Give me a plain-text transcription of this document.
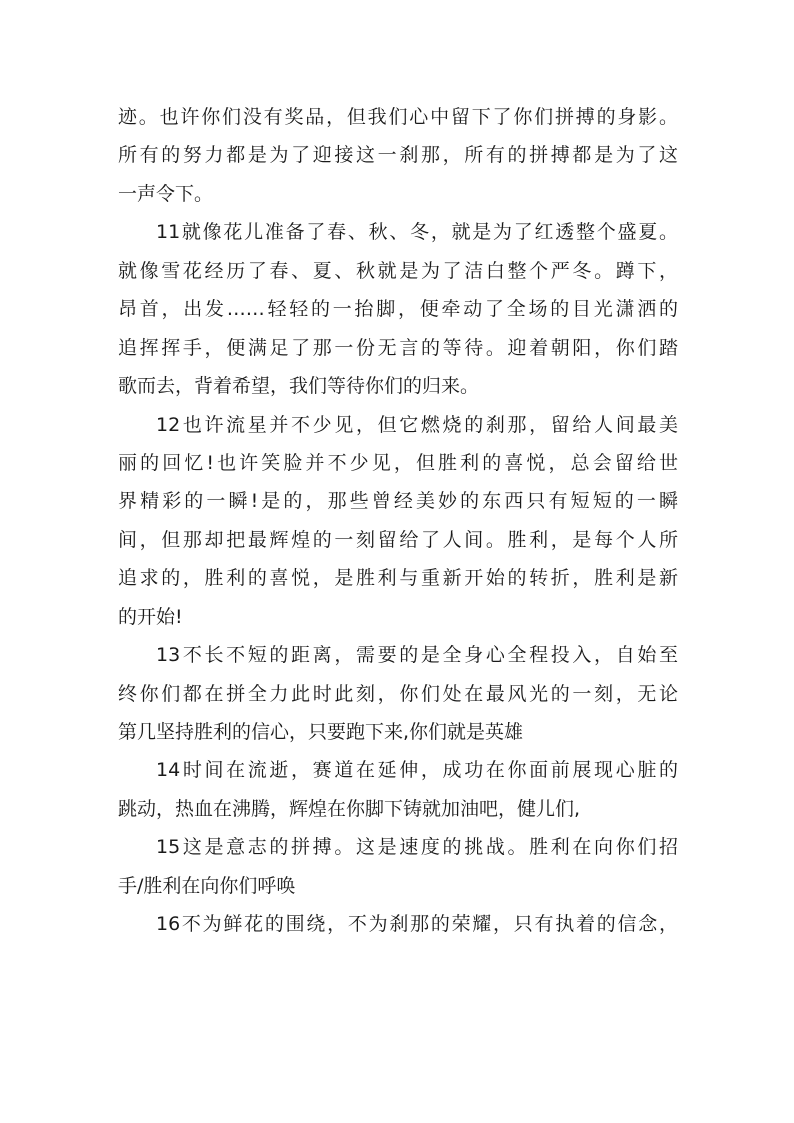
迹。也许你们没有奖品，但我们心中留下了你们拼搏的身影。
所有的努力都是为了迎接这一刹那，所有的拼搏都是为了这
一声令下。
11就像花儿准备了春、秋、冬，就是为了红透整个盛夏。
就像雪花经历了春、夏、秋就是为了洁白整个严冬。蹲下，
昂首，出发……轻轻的一抬脚，便牵动了全场的目光潇洒的
追挥挥手，便满足了那一份无言的等待。迎着朝阳，你们踏
歌而去，背着希望，我们等待你们的归来。
12也许流星并不少见，但它燃烧的刹那，留给人间最美
丽的回忆!也许笑脸并不少见，但胜利的喜悦，总会留给世
界精彩的一瞬!是的，那些曾经美妙的东西只有短短的一瞬
间，但那却把最辉煌的一刻留给了人间。胜利，是每个人所
追求的，胜利的喜悦，是胜利与重新开始的转折，胜利是新
的开始!
13不长不短的距离，需要的是全身心全程投入，自始至
终你们都在拼全力此时此刻，你们处在最风光的一刻，无论
第几坚持胜利的信心，只要跑下来,你们就是英雄
14时间在流逝，赛道在延伸，成功在你面前展现心脏的
跳动，热血在沸腾，辉煌在你脚下铸就加油吧，健儿们,
15这是意志的拼搏。这是速度的挑战。胜利在向你们招
手/胜利在向你们呼唤
16不为鲜花的围绕，不为刹那的荣耀，只有执着的信念，
